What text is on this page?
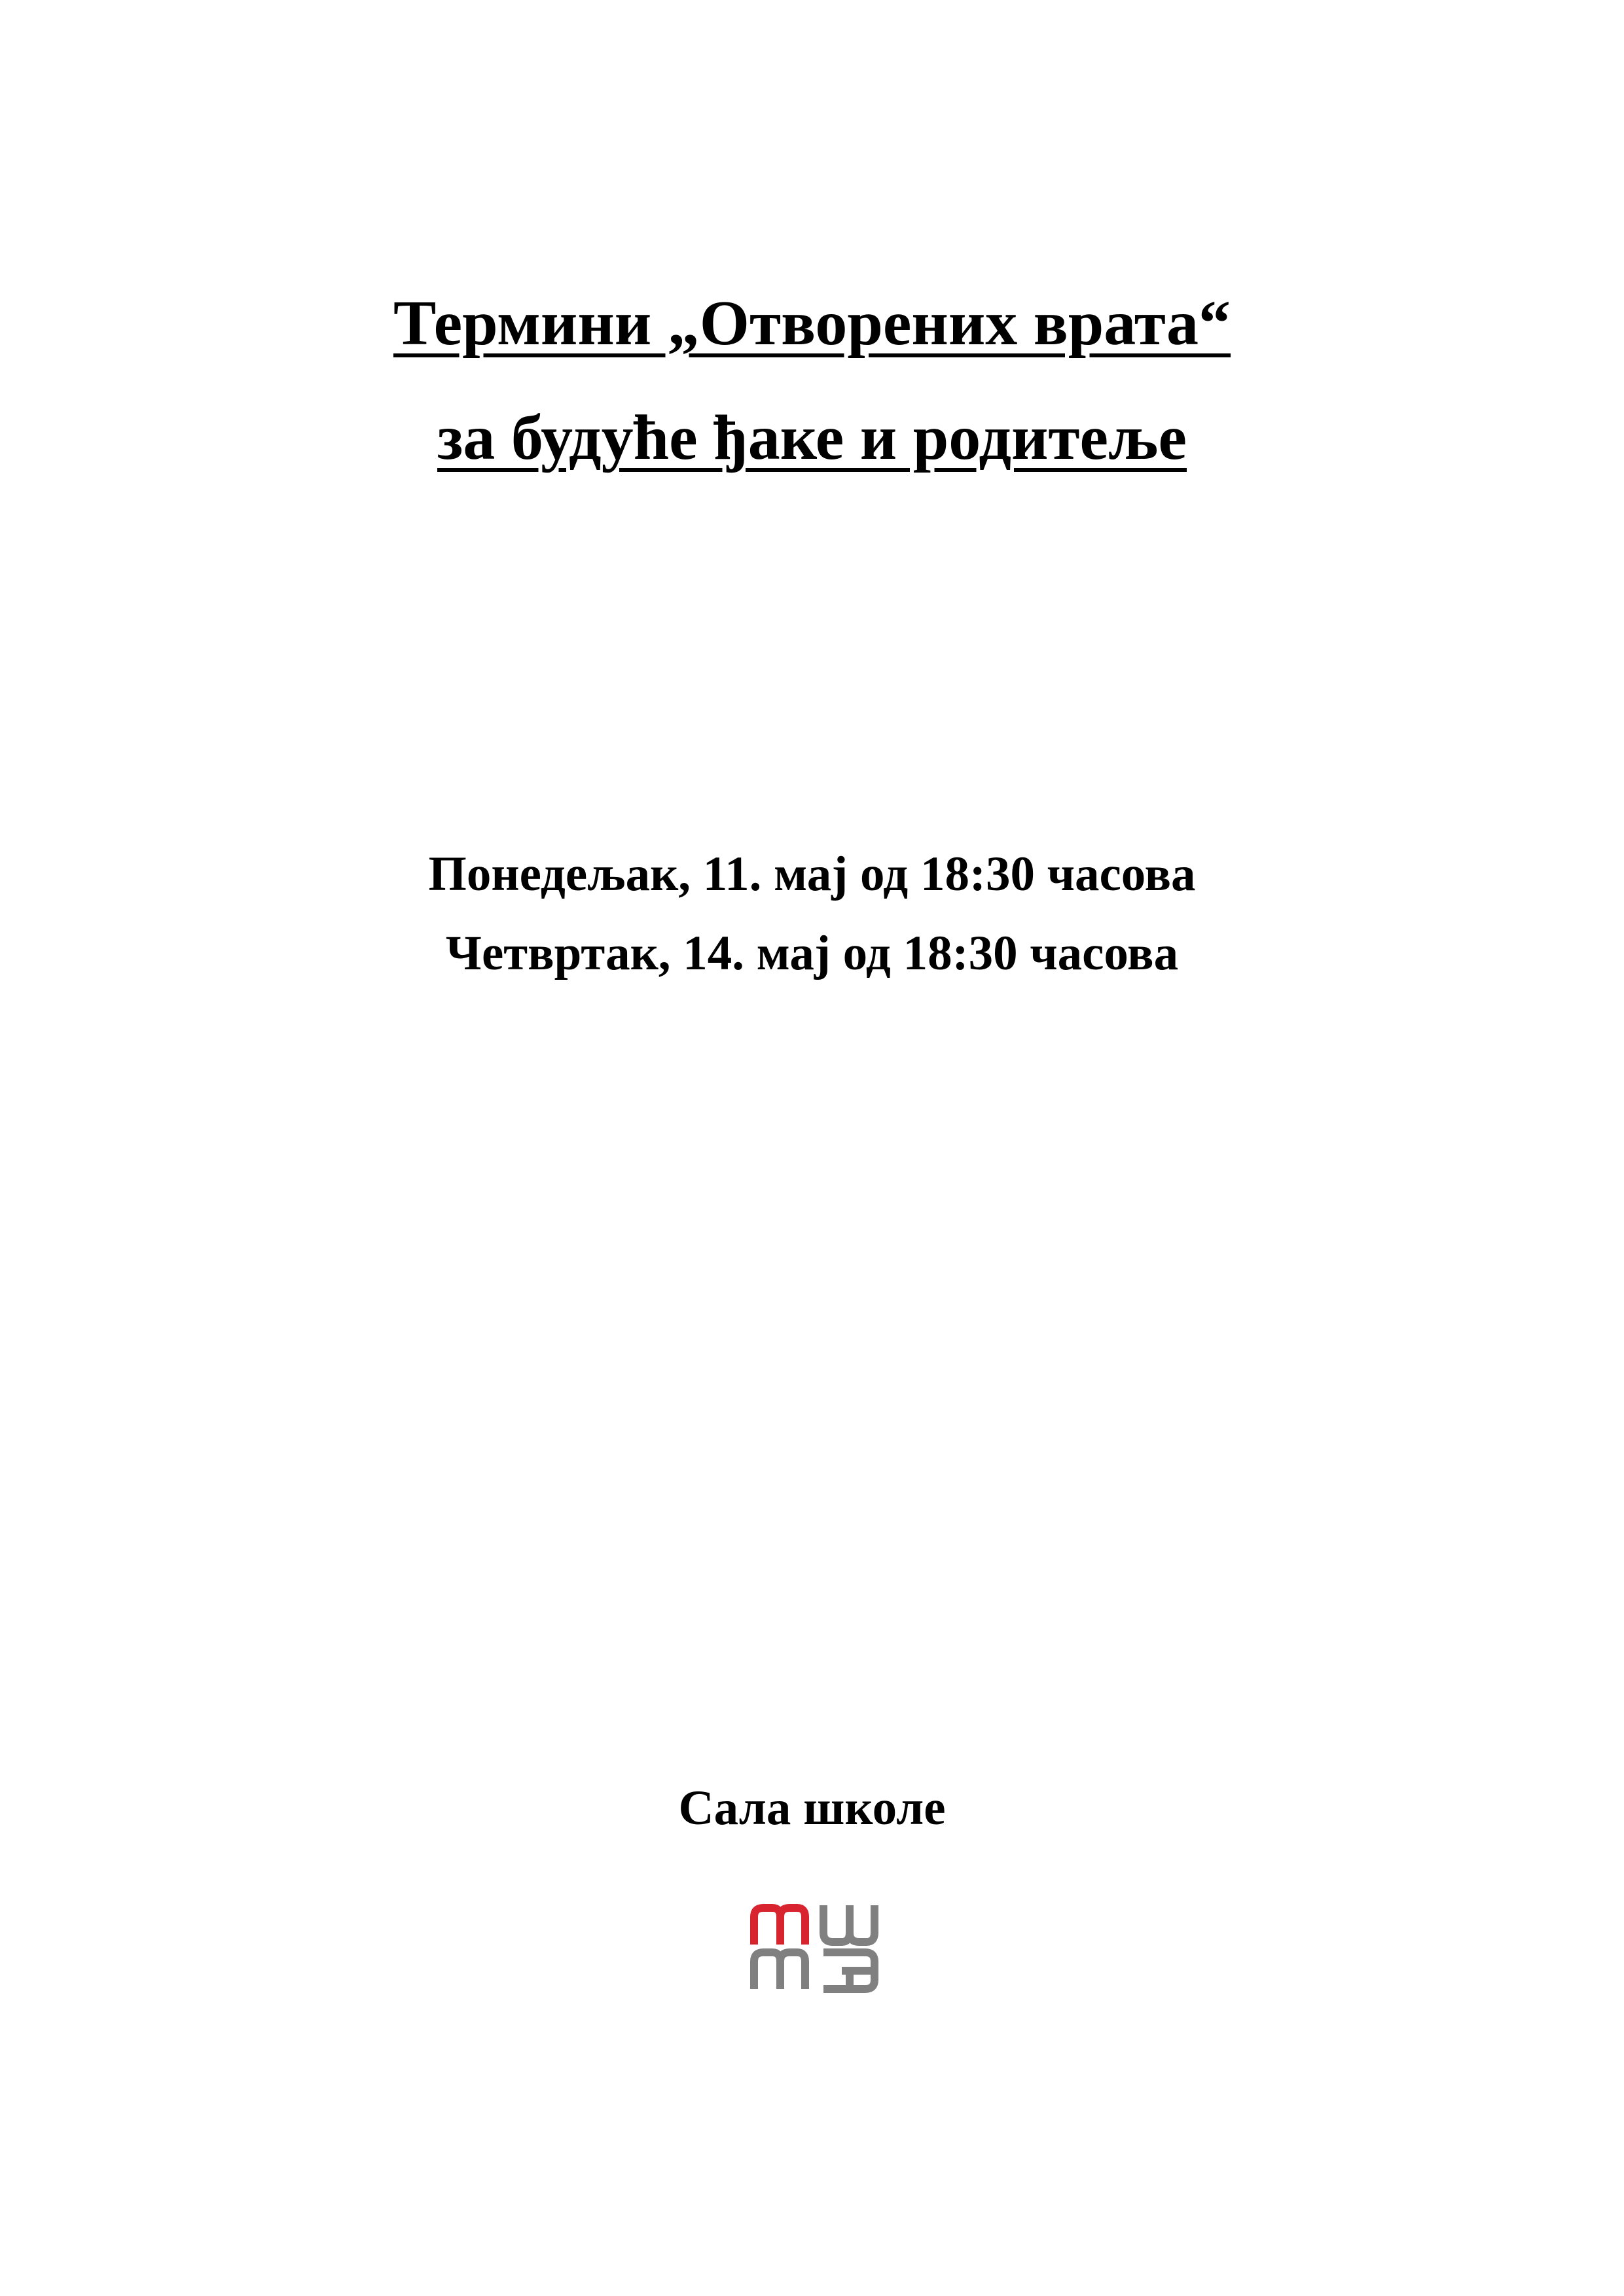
Термини „Отворених врата“
за будуће ђаке и родитеље
Понедељак, 11. мај од 18:30 часова
Четвртак, 14. мај од 18:30 часова
Сала школе
